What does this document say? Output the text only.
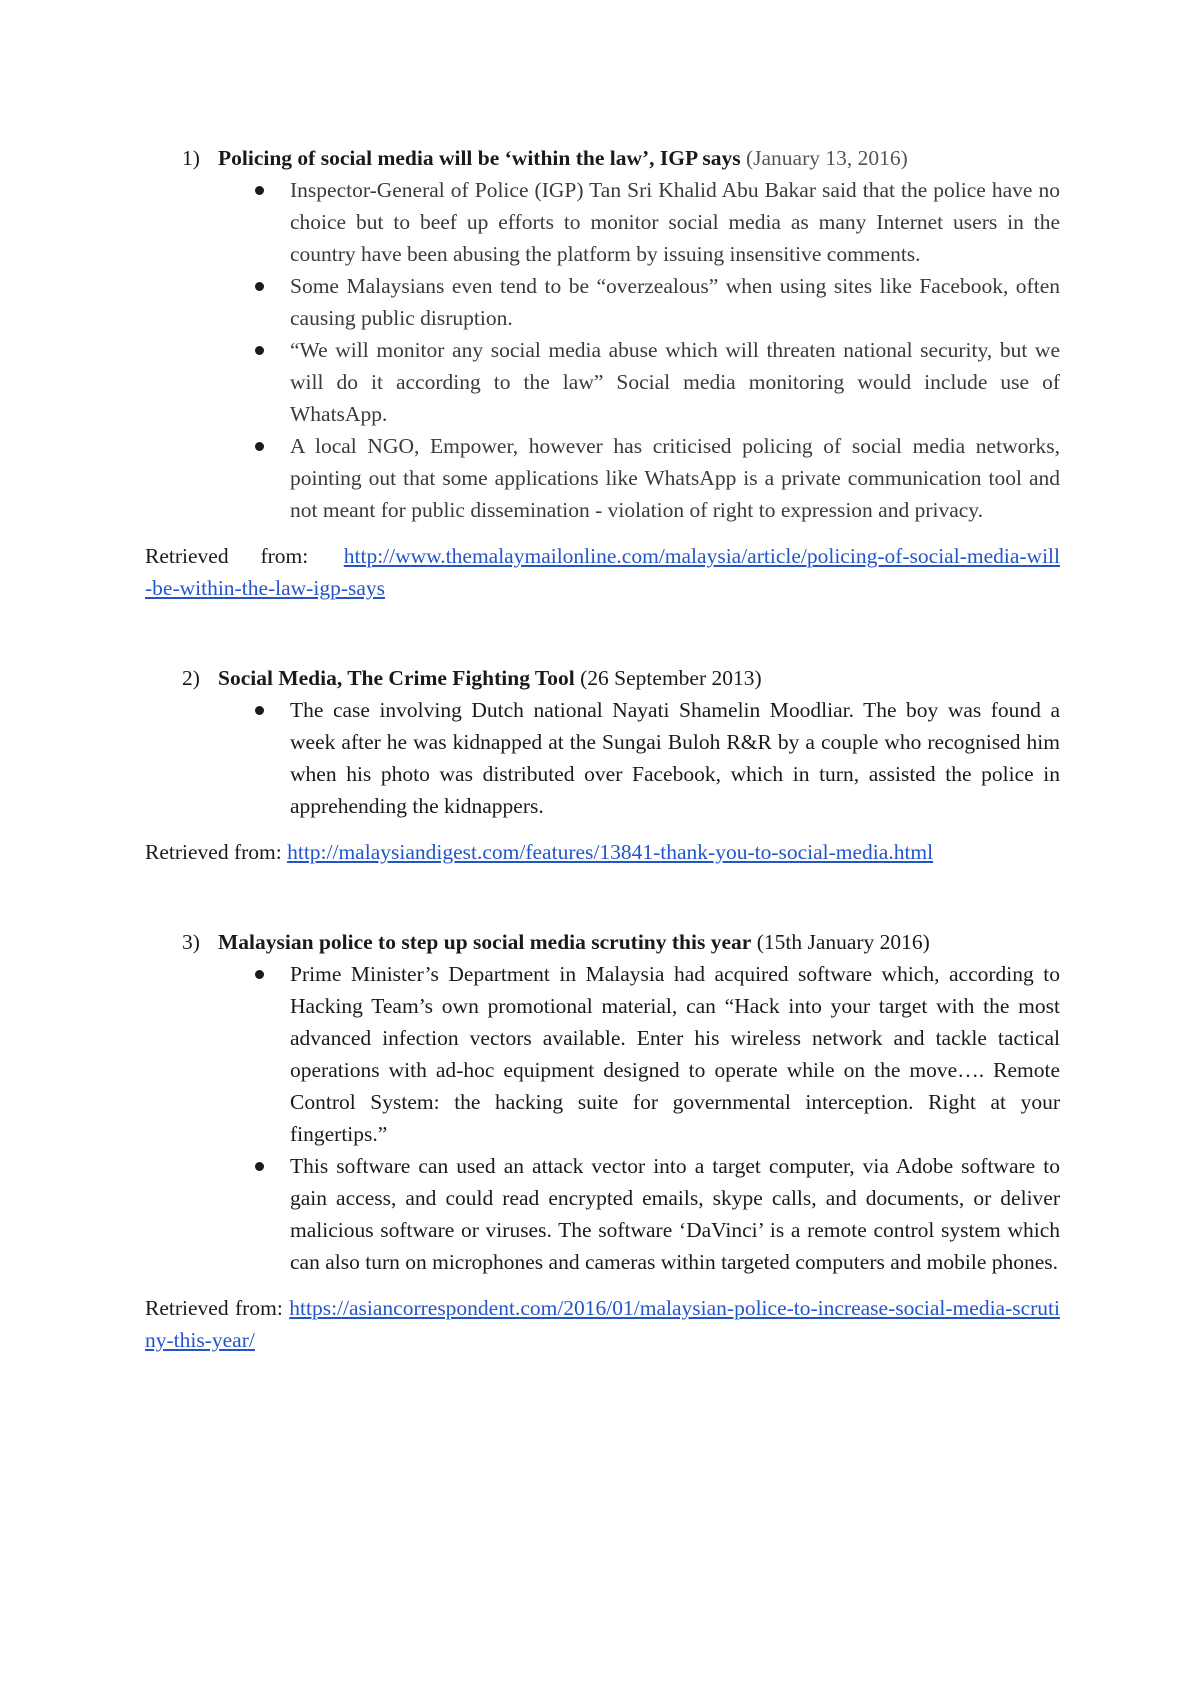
1) Policing of social media will be ‘within the law’, IGP says (January 13, 2016)

Inspector-General of Police (IGP) Tan Sri Khalid Abu Bakar said that the police have no choice but to beef up efforts to monitor social media as many Internet users in the country have been abusing the platform by issuing insensitive comments.
Some Malaysians even tend to be “overzealous” when using sites like Facebook, often causing public disruption.
“We will monitor any social media abuse which will threaten national security, but we will do it according to the law” Social media monitoring would include use of WhatsApp.
A local NGO, Empower, however has criticised policing of social media networks, pointing out that some applications like WhatsApp is a private communication tool and not meant for public dissemination - violation of right to expression and privacy.

Retrieved from: http://www.themalaymailonline.com/malaysia/article/policing-of-social-media-will-be-within-the-law-igp-says

2) Social Media, The Crime Fighting Tool (26 September 2013)

The case involving Dutch national Nayati Shamelin Moodliar. The boy was found a week after he was kidnapped at the Sungai Buloh R&R by a couple who recognised him when his photo was distributed over Facebook, which in turn, assisted the police in apprehending the kidnappers.

Retrieved from: http://malaysiandigest.com/features/13841-thank-you-to-social-media.html

3) Malaysian police to step up social media scrutiny this year (15th January 2016)

Prime Minister’s Department in Malaysia had acquired software which, according to Hacking Team’s own promotional material, can “Hack into your target with the most advanced infection vectors available. Enter his wireless network and tackle tactical operations with ad-hoc equipment designed to operate while on the move…. Remote Control System: the hacking suite for governmental interception. Right at your fingertips.”
This software can used an attack vector into a target computer, via Adobe software to gain access, and could read encrypted emails, skype calls, and documents, or deliver malicious software or viruses. The software ‘DaVinci’ is a remote control system which can also turn on microphones and cameras within targeted computers and mobile phones.

Retrieved from: https://asiancorrespondent.com/2016/01/malaysian-police-to-increase-social-media-scrutiny-this-year/
